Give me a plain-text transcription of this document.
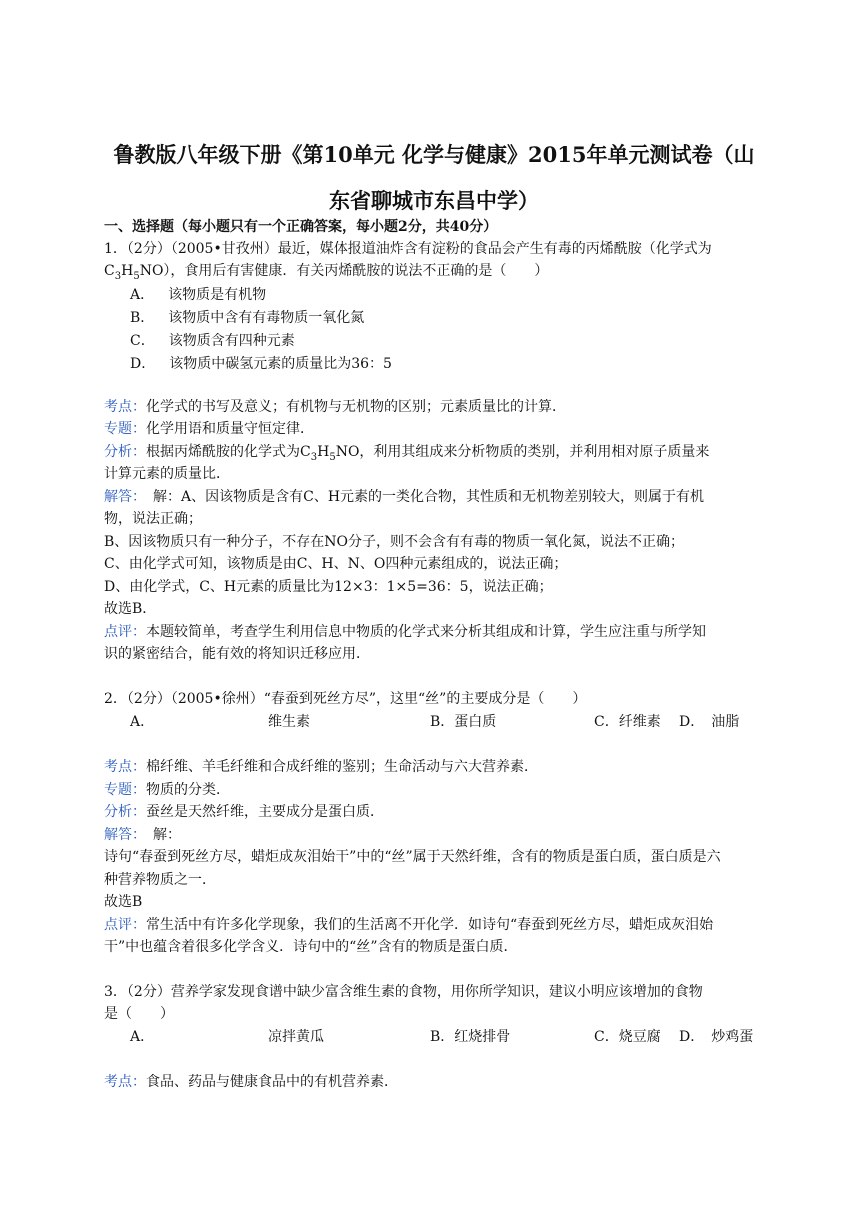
鲁教版八年级下册《第10单元 化学与健康》2015年单元测试卷（山
东省聊城市东昌中学）
一、选择题（每小题只有一个正确答案，每小题2分，共40分）
1．（2分）（2005•甘孜州）最近，媒体报道油炸含有淀粉的食品会产生有毒的丙烯酰胺（化学式为
$C_3H_5NO$），食用后有害健康．有关丙烯酰胺的说法不正确的是（　　）
A．  该物质是有机物
B．  该物质中含有有毒物质一氧化氮
C．  该物质含有四种元素
D．  该物质中碳氢元素的质量比为36：5
考点：化学式的书写及意义；有机物与无机物的区别；元素质量比的计算．
专题：化学用语和质量守恒定律．
分析：根据丙烯酰胺的化学式为$C_3H_5NO$，利用其组成来分析物质的类别，并利用相对原子质量来
计算元素的质量比．
解答：　解：A、因该物质是含有C、H元素的一类化合物，其性质和无机物差别较大，则属于有机
物，说法正确；
B、因该物质只有一种分子，不存在NO分子，则不会含有有毒的物质一氧化氮，说法不正确；
C、由化学式可知，该物质是由C、H、N、O四种元素组成的，说法正确；
D、由化学式，C、H元素的质量比为12×3：1×5=36：5，说法正确；
故选B．
点评：本题较简单，考查学生利用信息中物质的化学式来分析其组成和计算，学生应注重与所学知
识的紧密结合，能有效的将知识迁移应用．
2．（2分）（2005•徐州）“春蚕到死丝方尽”，这里“丝”的主要成分是（　　）
A．	维生素	B．蛋白质	C．纤维素 D．　油脂
考点：棉纤维、羊毛纤维和合成纤维的鉴别；生命活动与六大营养素．
专题：物质的分类．
分析：蚕丝是天然纤维，主要成分是蛋白质．
解答：　解：
诗句“春蚕到死丝方尽，蜡炬成灰泪始干”中的“丝”属于天然纤维，含有的物质是蛋白质，蛋白质是六
种营养物质之一．
故选B
点评：常生活中有许多化学现象，我们的生活离不开化学．如诗句“春蚕到死丝方尽，蜡炬成灰泪始
干”中也蕴含着很多化学含义．诗句中的“丝”含有的物质是蛋白质．
3．（2分）营养学家发现食谱中缺少富含维生素的食物，用你所学知识，建议小明应该增加的食物
是（　　）
A．	凉拌黄瓜	B．红烧排骨	C．烧豆腐 D．　炒鸡蛋
考点：食品、药品与健康食品中的有机营养素．
